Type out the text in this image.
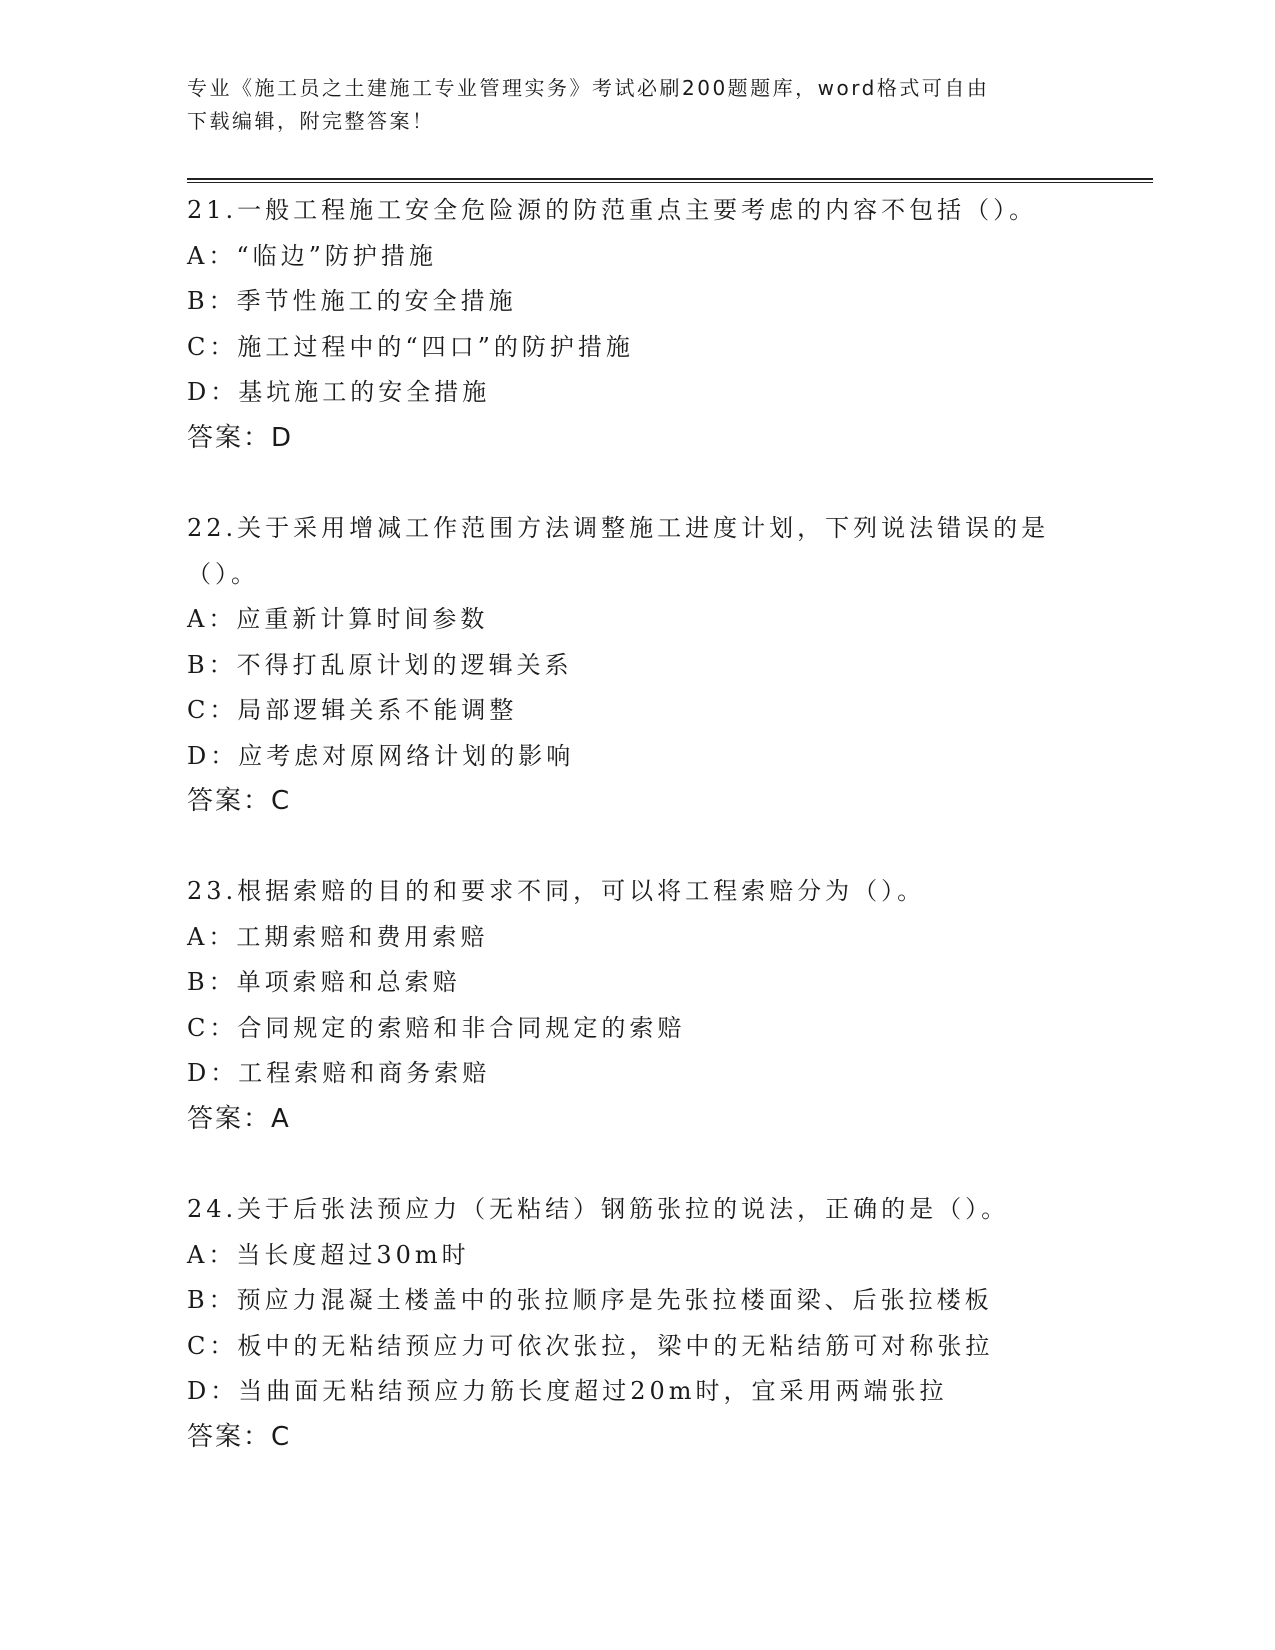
专业《施工员之土建施工专业管理实务》考试必刷200题题库，word格式可自由
下载编辑，附完整答案！
21.一般工程施工安全危险源的防范重点主要考虑的内容不包括（）。
A：“临边”防护措施
B：季节性施工的安全措施
C：施工过程中的“四口”的防护措施
D：基坑施工的安全措施
答案：D
22.关于采用增减工作范围方法调整施工进度计划，下列说法错误的是（）。
A：应重新计算时间参数
B：不得打乱原计划的逻辑关系
C：局部逻辑关系不能调整
D：应考虑对原网络计划的影响
答案：C
23.根据索赔的目的和要求不同，可以将工程索赔分为（）。
A：工期索赔和费用索赔
B：单项索赔和总索赔
C：合同规定的索赔和非合同规定的索赔
D：工程索赔和商务索赔
答案：A
24.关于后张法预应力（无粘结）钢筋张拉的说法，正确的是（）。
A：当长度超过30m时
B：预应力混凝土楼盖中的张拉顺序是先张拉楼面梁、后张拉楼板
C：板中的无粘结预应力可依次张拉，梁中的无粘结筋可对称张拉
D：当曲面无粘结预应力筋长度超过20m时，宜采用两端张拉
答案：C
